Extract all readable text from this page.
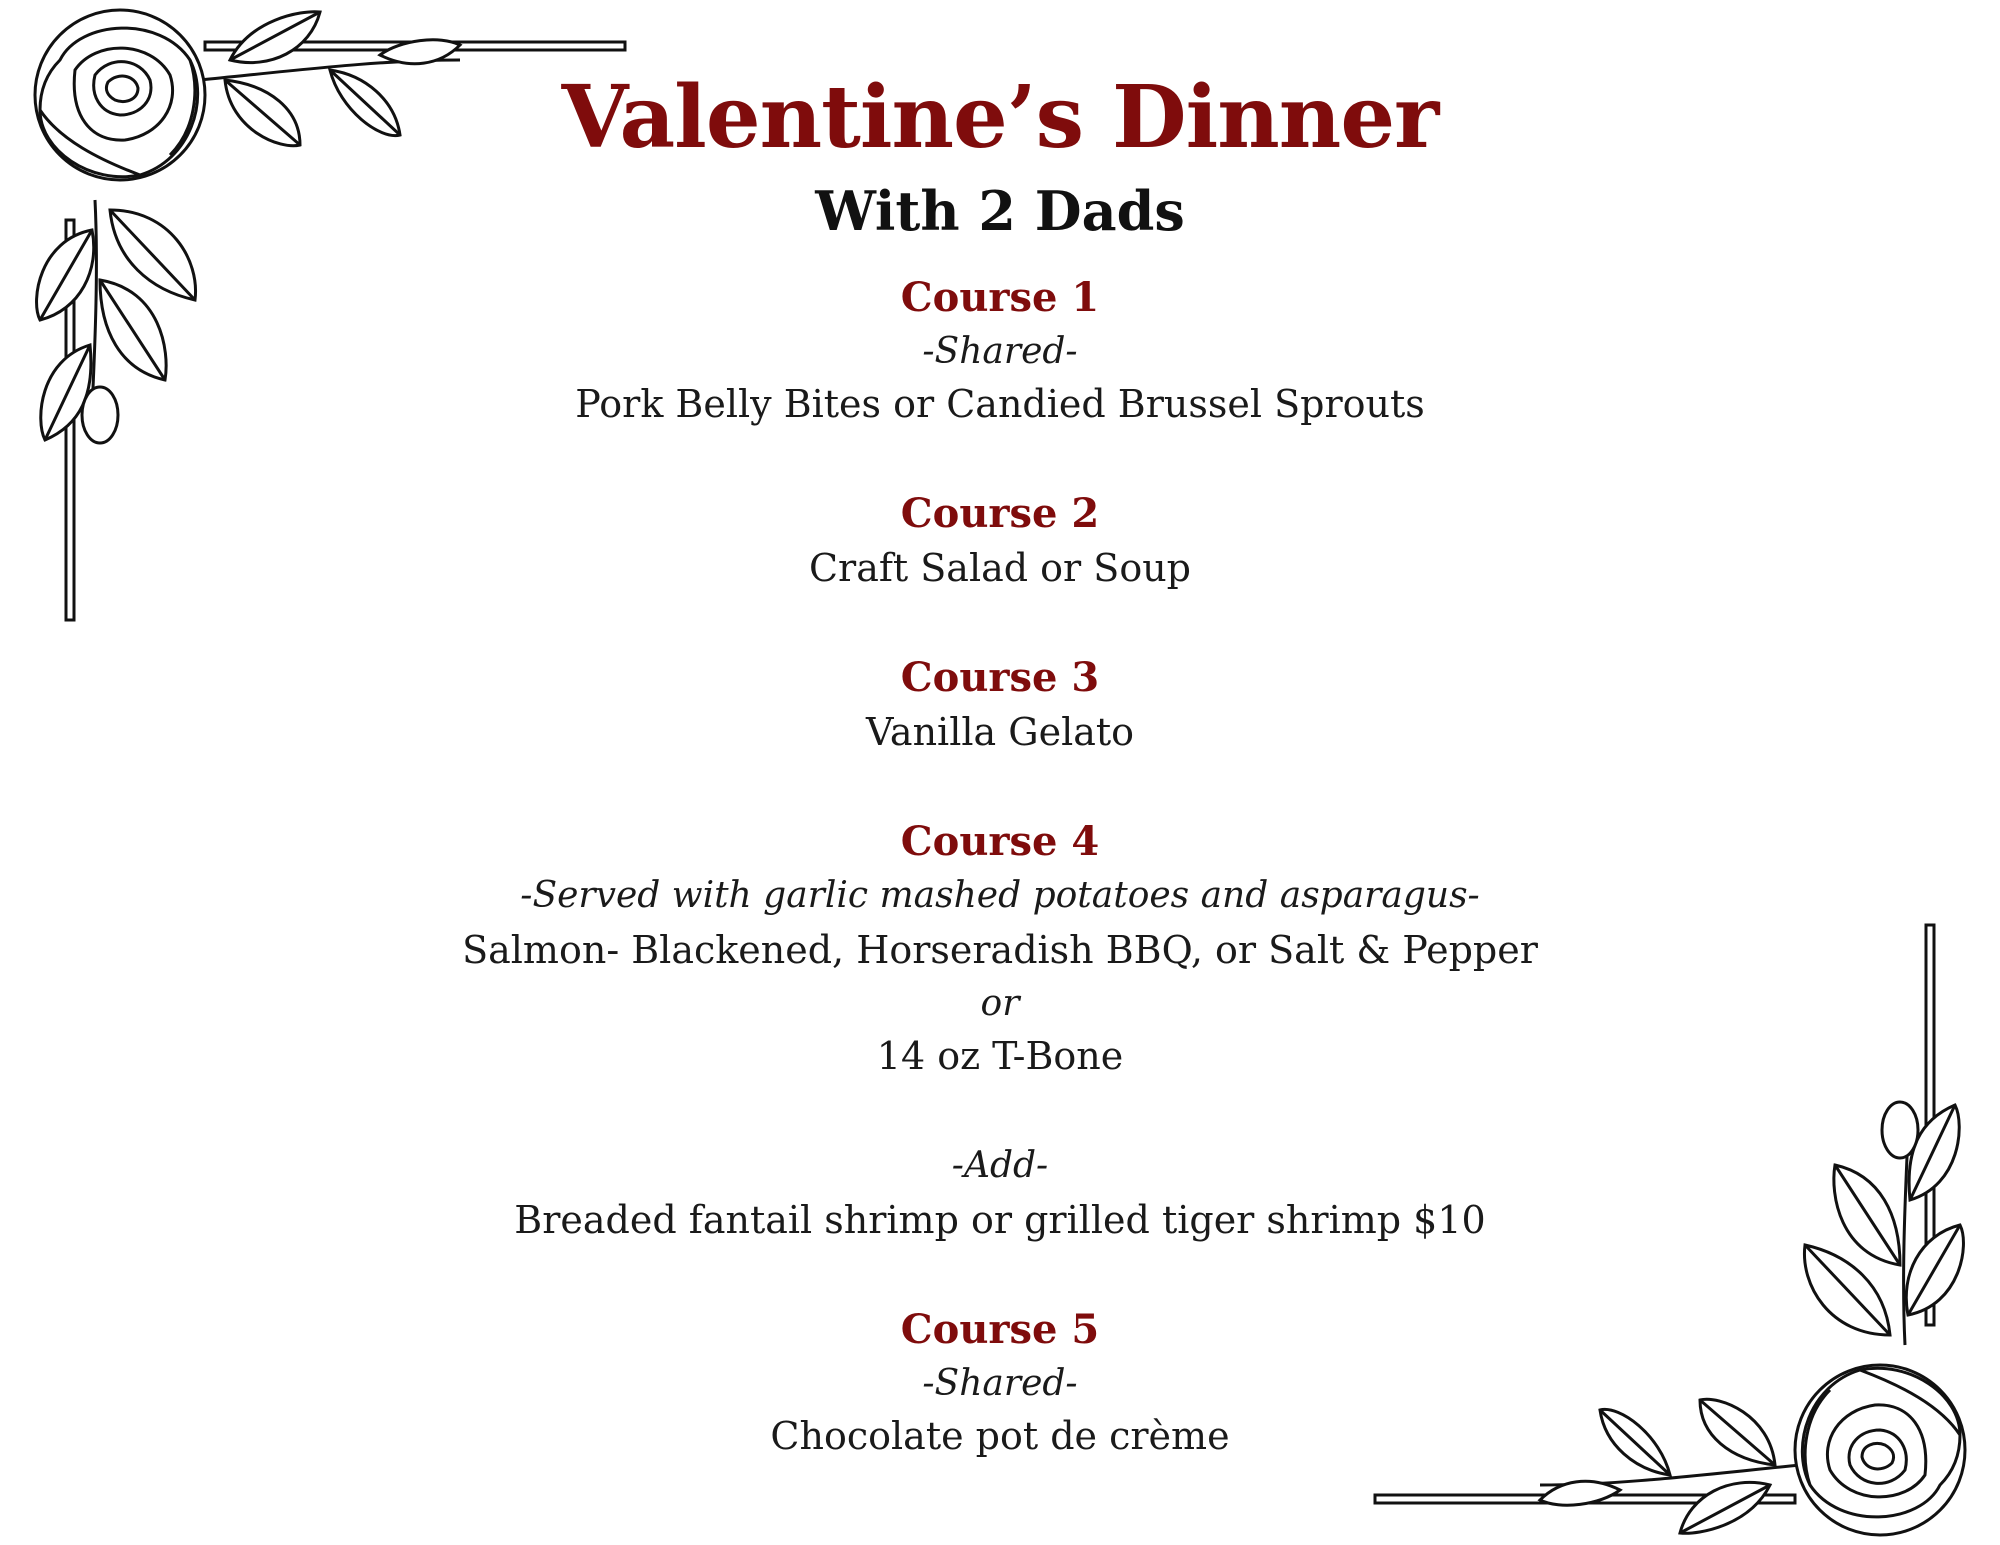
Valentine’s Dinner
With 2 Dads
Course 1
-Shared-
Pork Belly Bites or Candied Brussel Sprouts
Course 2
Craft Salad or Soup
Course 3
Vanilla Gelato
Course 4
-Served with garlic mashed potatoes and asparagus-
Salmon- Blackened, Horseradish BBQ, or Salt & Pepper
or
14 oz T-Bone
-Add-
Breaded fantail shrimp or grilled tiger shrimp $10
Course 5
-Shared-
Chocolate pot de crème
